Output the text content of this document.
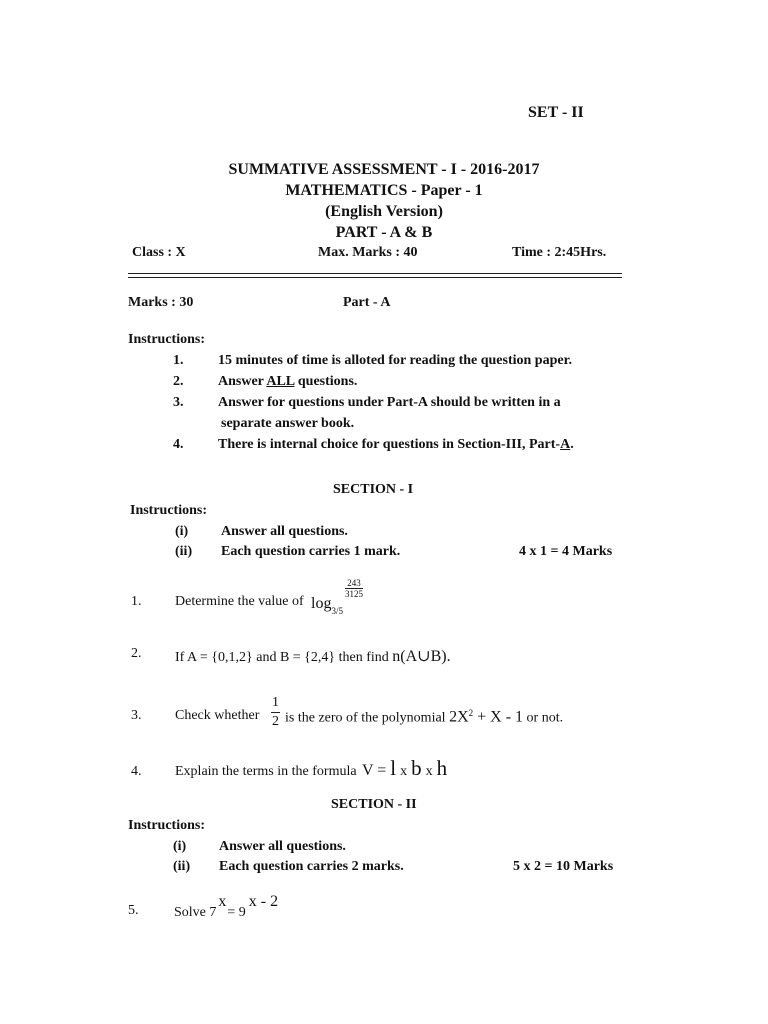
SET - II
SUMMATIVE ASSESSMENT - I - 2016-2017
MATHEMATICS - Paper - 1
(English Version)
PART - A & B
Class : X	Max. Marks : 40	Time : 2:45Hrs.
Marks : 30	Part - A
Instructions:
1. 15 minutes of time is alloted for reading the question paper.
2. Answer ALL questions.
3. Answer for questions under Part-A should be written in a
separate answer book.
4. There is internal choice for questions in Section-III, Part-A.
SECTION - I
Instructions:
(i) Answer all questions.
(ii) Each question carries 1 mark.	4 x 1 = 4 Marks
1. Determine the value of $\log_{3/5}$
$\frac{243}{3125}$
2. If A = {0,1,2} and B = {2,4} then find n(A∪B).
3. Check whether $\frac{1}{2}$ is the zero of the polynomial $2X^2 + X - 1$ or not.
4. Explain the terms in the formula V = l x b x h
SECTION - II
Instructions:
(i) Answer all questions.
(ii) Each question carries 2 marks.	5 x 2 = 10 Marks
5.	Solve 7x= 9x - 2
